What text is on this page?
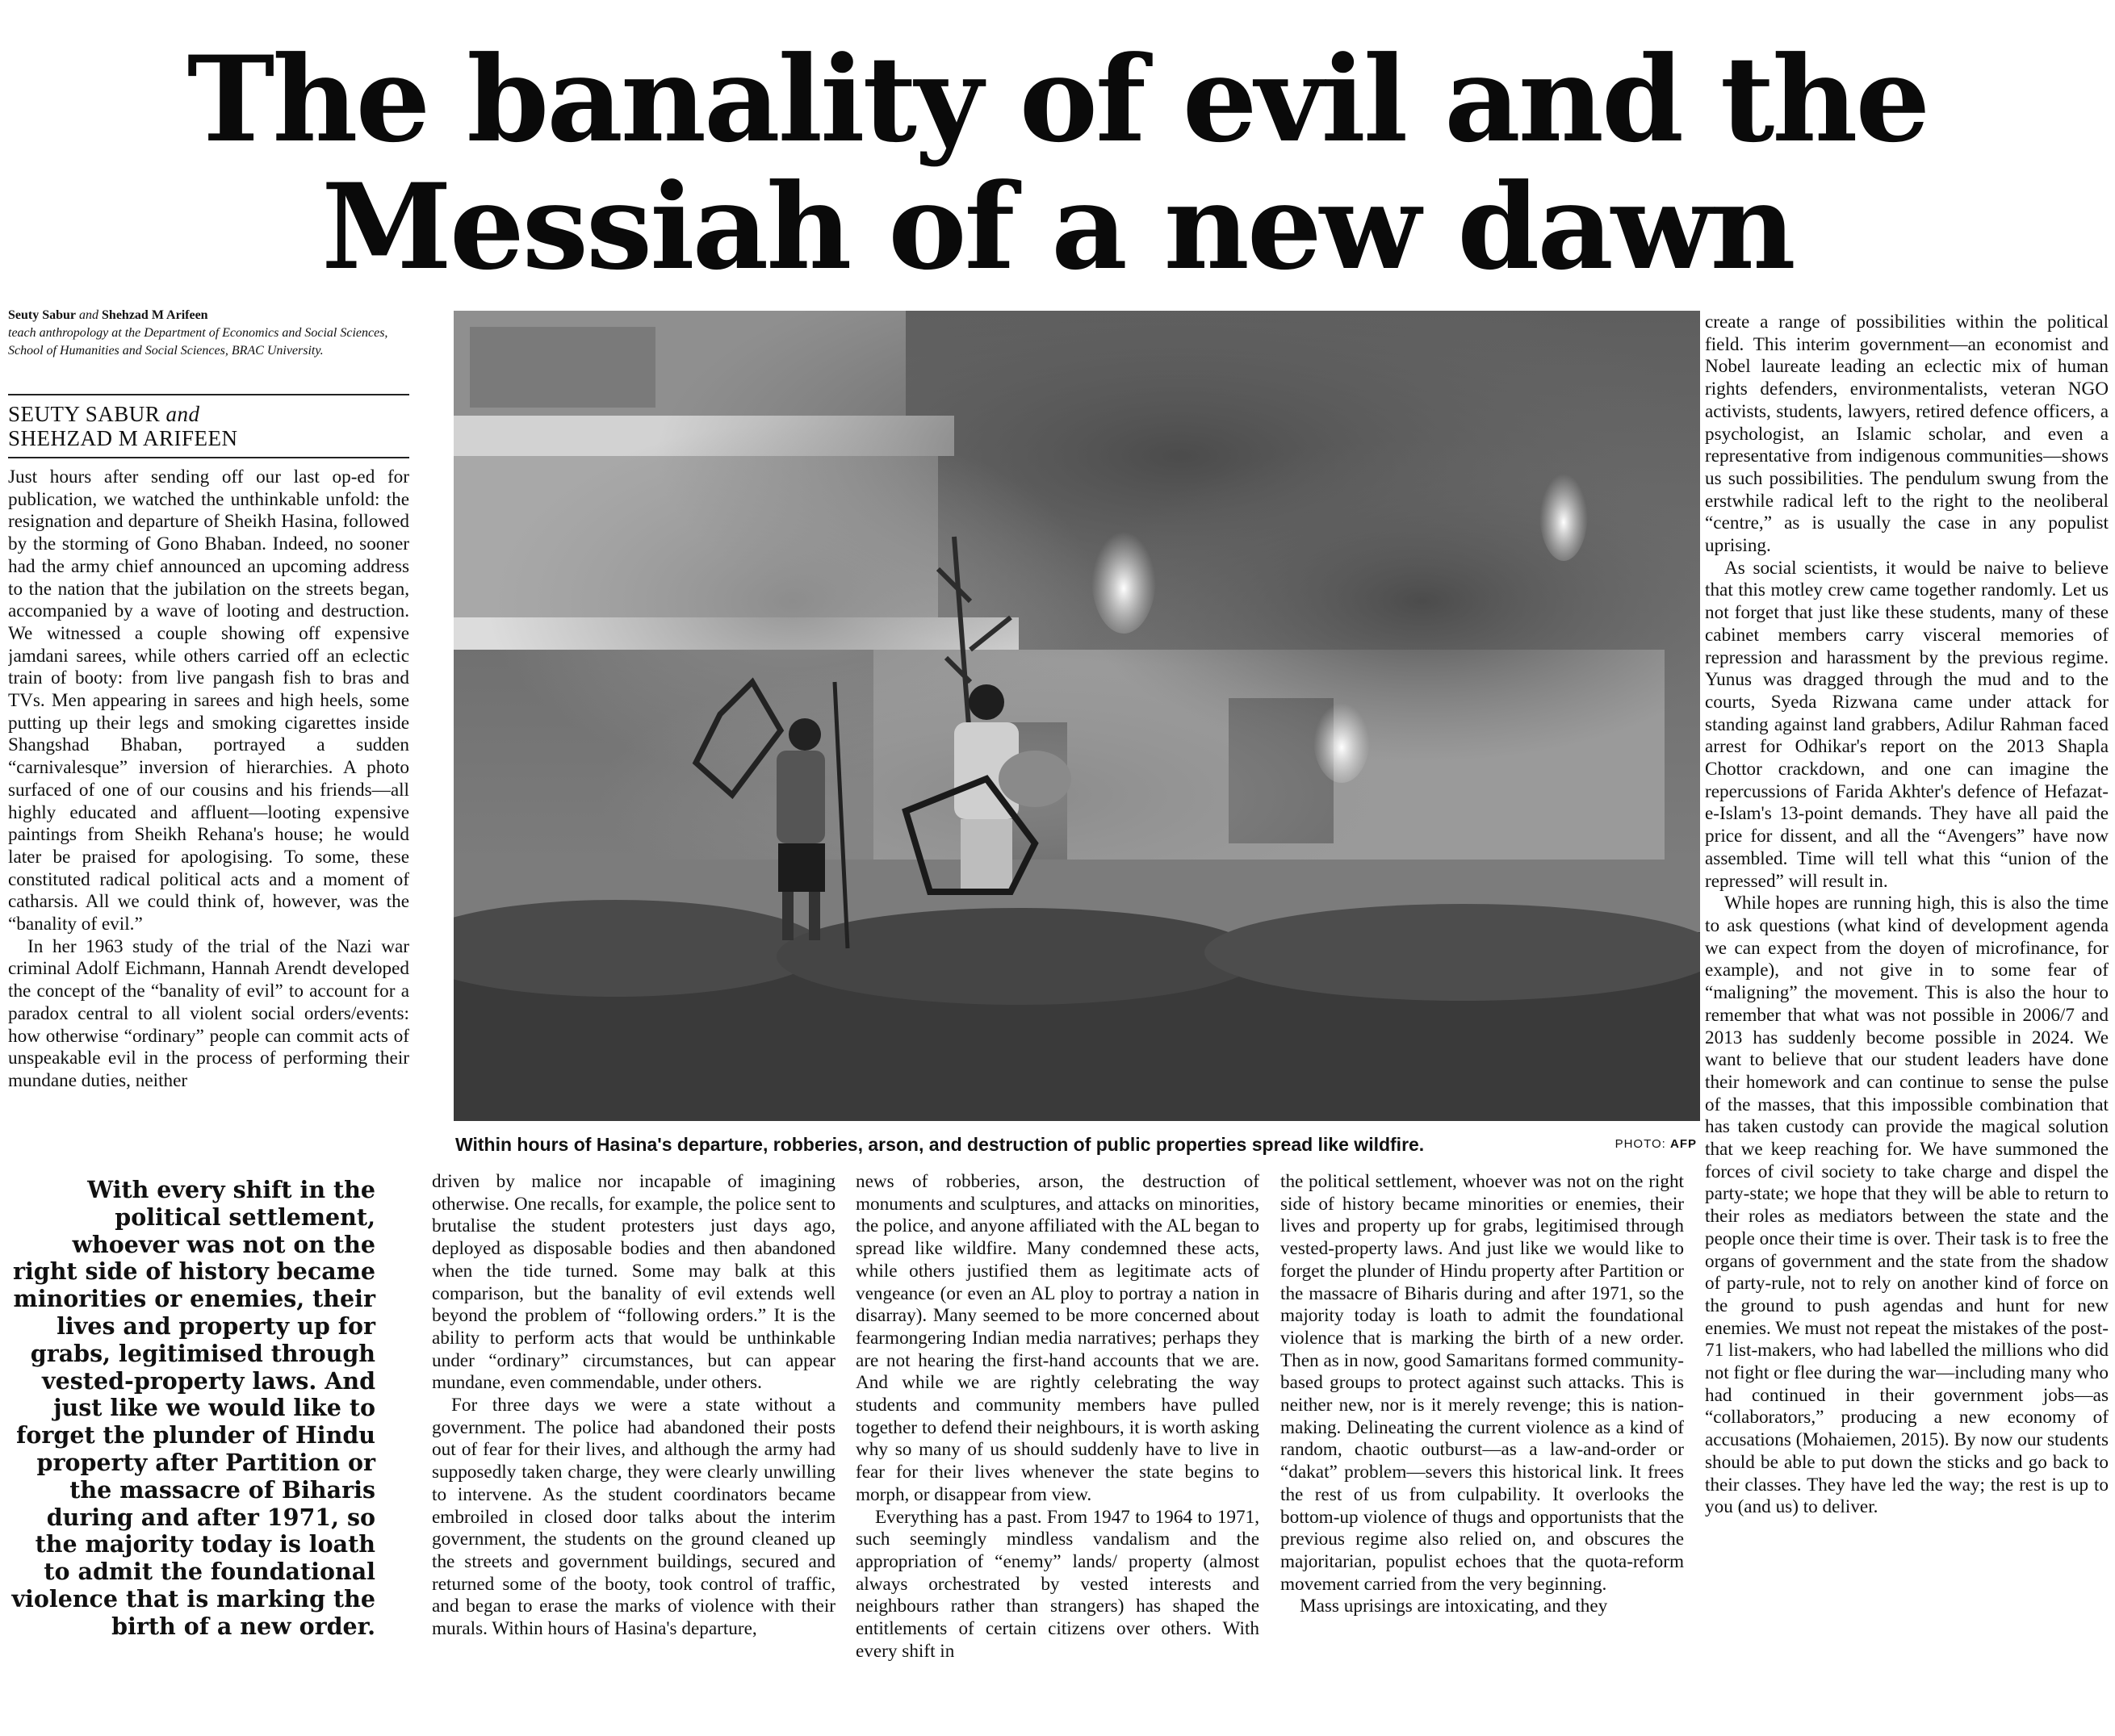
The banality of evil and the
Messiah of a new dawn
Seuty Sabur and Shehzad M Arifeen
teach anthropology at the Department of Economics and Social Sciences, School of Humanities and Social Sciences, BRAC University.
SEUTY SABUR and
SHEHZAD M ARIFEEN

Just hours after sending off our last op-ed for publication, we watched the unthinkable unfold: the resignation and departure of Sheikh Hasina, followed by the storming of Gono Bhaban. Indeed, no sooner had the army chief announced an upcoming address to the nation that the jubilation on the streets began, accompanied by a wave of looting and destruction. We witnessed a couple showing off expensive jamdani sarees, while others carried off an eclectic train of booty: from live pangash fish to bras and TVs. Men appearing in sarees and high heels, some putting up their legs and smoking cigarettes inside Shangshad Bhaban, portrayed a sudden “carnivalesque” inversion of hierarchies. A photo surfaced of one of our cousins and his friends—all highly educated and affluent—looting expensive paintings from Sheikh Rehana's house; he would later be praised for apologising. To some, these constituted radical political acts and a moment of catharsis. All we could think of, however, was the “banality of evil.”

In her 1963 study of the trial of the Nazi war criminal Adolf Eichmann, Hannah Arendt developed the concept of the “banality of evil” to account for a paradox central to all violent social orders/events: how otherwise “ordinary” people can commit acts of unspeakable evil in the process of performing their mundane duties, neither

Within hours of Hasina's departure, robberies, arson, and destruction of public properties spread like wildfire.	PHOTO: AFP
With every shift in the political settlement, whoever was not on the right side of history became minorities or enemies, their lives and property up for grabs, legitimised through vested-property laws. And just like we would like to forget the plunder of Hindu property after Partition or the massacre of Biharis during and after 1971, so the majority today is loath to admit the foundational violence that is marking the birth of a new order.

driven by malice nor incapable of imagining otherwise. One recalls, for example, the police sent to brutalise the student protesters just days ago, deployed as disposable bodies and then abandoned when the tide turned. Some may balk at this comparison, but the banality of evil extends well beyond the problem of “following orders.” It is the ability to perform acts that would be unthinkable under “ordinary” circumstances, but can appear mundane, even commendable, under others.

For three days we were a state without a government. The police had abandoned their posts out of fear for their lives, and although the army had supposedly taken charge, they were clearly unwilling to intervene. As the student coordinators became embroiled in closed door talks about the interim government, the students on the ground cleaned up the streets and government buildings, secured and returned some of the booty, took control of traffic, and began to erase the marks of violence with their murals. Within hours of Hasina's departure,

news of robberies, arson, the destruction of monuments and sculptures, and attacks on minorities, the police, and anyone affiliated with the AL began to spread like wildfire. Many condemned these acts, while others justified them as legitimate acts of vengeance (or even an AL ploy to portray a nation in disarray). Many seemed to be more concerned about fearmongering Indian media narratives; perhaps they are not hearing the first-hand accounts that we are. And while we are rightly celebrating the way students and community members have pulled together to defend their neighbours, it is worth asking why so many of us should suddenly have to live in fear for their lives whenever the state begins to morph, or disappear from view.

Everything has a past. From 1947 to 1964 to 1971, such seemingly mindless vandalism and the appropriation of “enemy” lands/ property (almost always orchestrated by vested interests and neighbours rather than strangers) has shaped the entitlements of certain citizens over others. With every shift in

the political settlement, whoever was not on the right side of history became minorities or enemies, their lives and property up for grabs, legitimised through vested-property laws. And just like we would like to forget the plunder of Hindu property after Partition or the massacre of Biharis during and after 1971, so the majority today is loath to admit the foundational violence that is marking the birth of a new order. Then as in now, good Samaritans formed community-based groups to protect against such attacks. This is neither new, nor is it merely revenge; this is nation-making. Delineating the current violence as a kind of random, chaotic outburst—as a law-and-order or “dakat” problem—severs this historical link. It frees the rest of us from culpability. It overlooks the bottom-up violence of thugs and opportunists that the previous regime also relied on, and obscures the majoritarian, populist echoes that the quota-reform movement carried from the very beginning.

Mass uprisings are intoxicating, and they

create a range of possibilities within the political field. This interim government—an economist and Nobel laureate leading an eclectic mix of human rights defenders, environmentalists, veteran NGO activists, students, lawyers, retired defence officers, a psychologist, an Islamic scholar, and even a representative from indigenous communities—shows us such possibilities. The pendulum swung from the erstwhile radical left to the right to the neoliberal “centre,” as is usually the case in any populist uprising.

As social scientists, it would be naive to believe that this motley crew came together randomly. Let us not forget that just like these students, many of these cabinet members carry visceral memories of repression and harassment by the previous regime. Yunus was dragged through the mud and to the courts, Syeda Rizwana came under attack for standing against land grabbers, Adilur Rahman faced arrest for Odhikar's report on the 2013 Shapla Chottor crackdown, and one can imagine the repercussions of Farida Akhter's defence of Hefazat-e-Islam's 13-point demands. They have all paid the price for dissent, and all the “Avengers” have now assembled. Time will tell what this “union of the repressed” will result in.

While hopes are running high, this is also the time to ask questions (what kind of development agenda we can expect from the doyen of microfinance, for example), and not give in to some fear of “maligning” the movement. This is also the hour to remember that what was not possible in 2006/7 and 2013 has suddenly become possible in 2024. We want to believe that our student leaders have done their homework and can continue to sense the pulse of the masses, that this impossible combination that has taken custody can provide the magical solution that we keep reaching for. We have summoned the forces of civil society to take charge and dispel the party-state; we hope that they will be able to return to their roles as mediators between the state and the people once their time is over. Their task is to free the organs of government and the state from the shadow of party-rule, not to rely on another kind of force on the ground to push agendas and hunt for new enemies. We must not repeat the mistakes of the post-71 list-makers, who had labelled the millions who did not fight or flee during the war—including many who had continued in their government jobs—as “collaborators,” producing a new economy of accusations (Mohaiemen, 2015). By now our students should be able to put down the sticks and go back to their classes. They have led the way; the rest is up to you (and us) to deliver.
